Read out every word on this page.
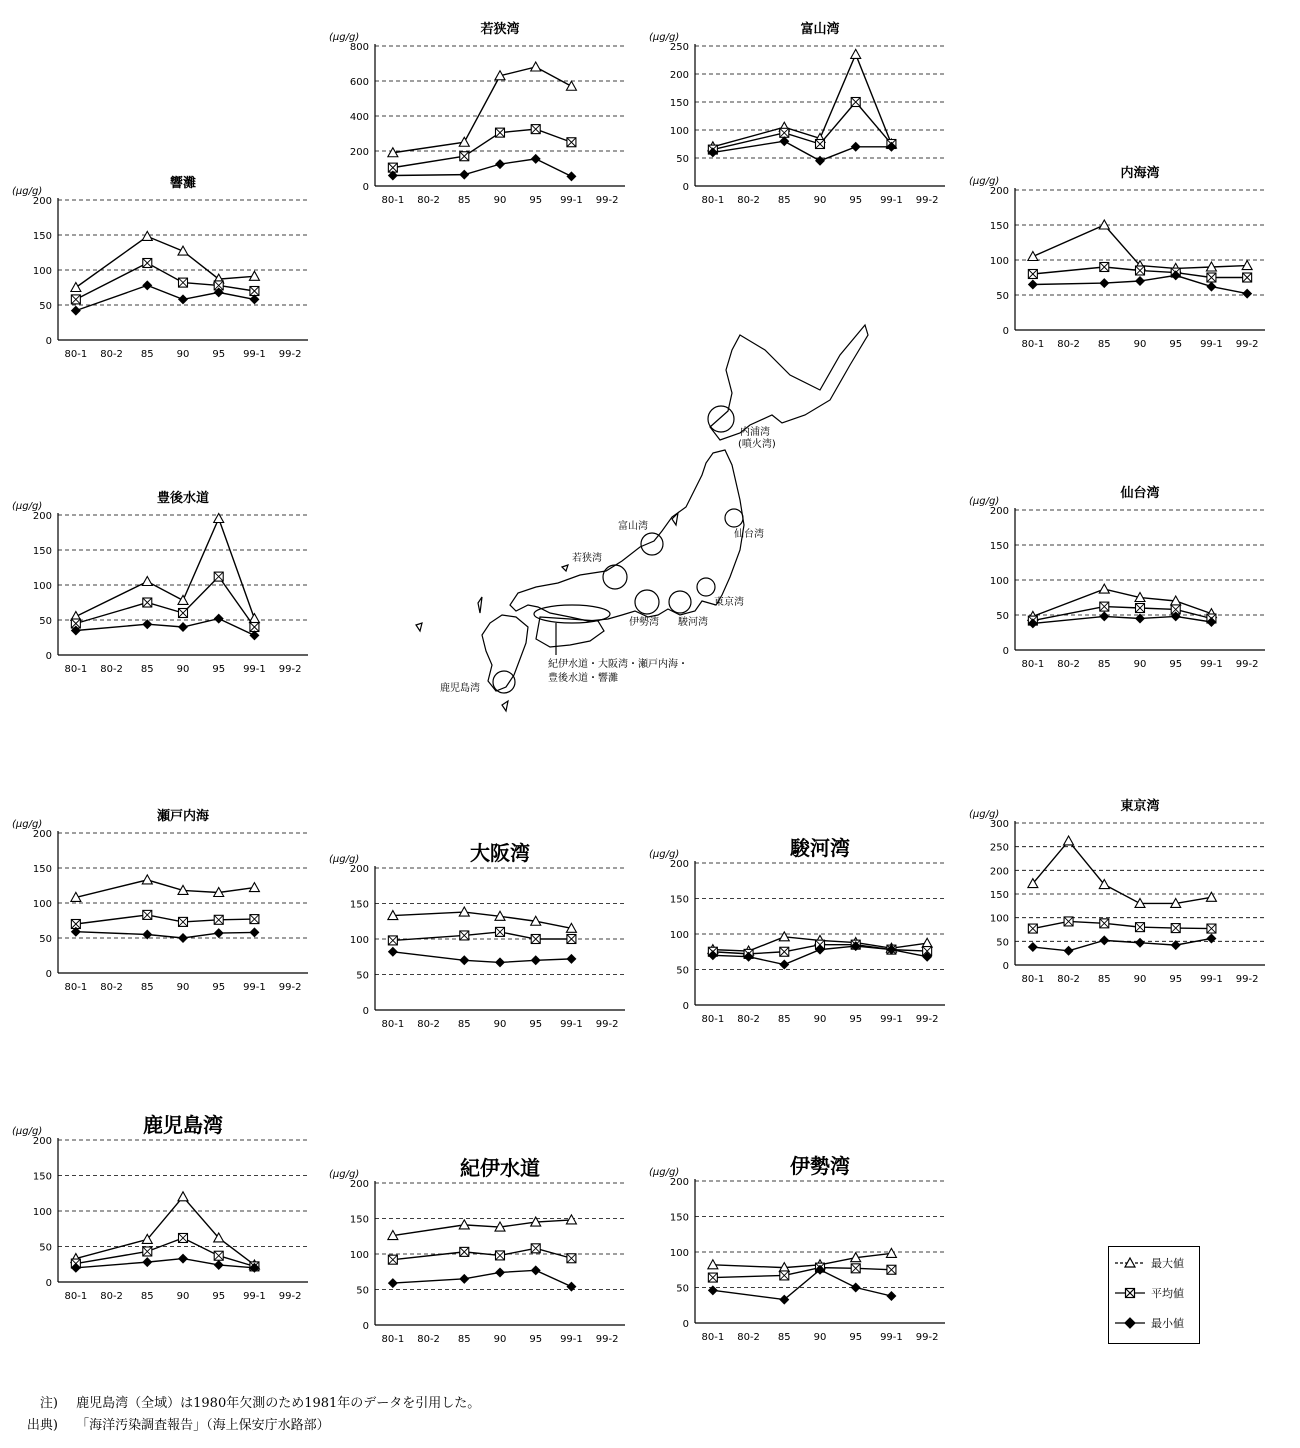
若狭湾
(μg/g)
0
200
400
600
800
80-1 80-2 85 90 95 99-1 99-2
富山湾
(μg/g)
0
50
100
150
200
250
80-1 80-2 85 90 95 99-1 99-2
響灘
(μg/g)
0
50
100
150
200
80-1 80-2 85 90 95 99-1 99-2
内海湾
(μg/g)
0
50
100
150
200
80-1 80-2 85 90 95 99-1 99-2
豊後水道
(μg/g)
0
50
100
150
200
80-1 80-2 85 90 95 99-1 99-2
仙台湾
(μg/g)
0
50
100
150
200
80-1 80-2 85 90 95 99-1 99-2
瀬戸内海
(μg/g)
0
50
100
150
200
80-1 80-2 85 90 95 99-1 99-2
大阪湾
(μg/g)
0
50
100
150
200
80-1 80-2 85 90 95 99-1 99-2
駿河湾
(μg/g)
0
50
100
150
200
80-1 80-2 85 90 95 99-1 99-2
東京湾
(μg/g)
0
50
100
150
200
250
300
80-1 80-2 85 90 95 99-1 99-2
鹿児島湾
(μg/g)
0
50
100
150
200
80-1 80-2 85 90 95 99-1 99-2
紀伊水道
(μg/g)
0
50
100
150
200
80-1 80-2 85 90 95 99-1 99-2
伊勢湾
(μg/g)
0
50
100
150
200
80-1 80-2 85 90 95 99-1 99-2
内浦湾
(噴火湾)
仙台湾
富山湾
若狭湾
東京湾
伊勢湾 駿河湾
紀伊水道・大阪湾・瀬戸内海・
豊後水道・響灘
鹿児島湾
最大値
平均値
最小値
注) 鹿児島湾（全域）は1980年欠測のため1981年のデータを引用した。
出典) 「海洋汚染調査報告」（海上保安庁水路部）
